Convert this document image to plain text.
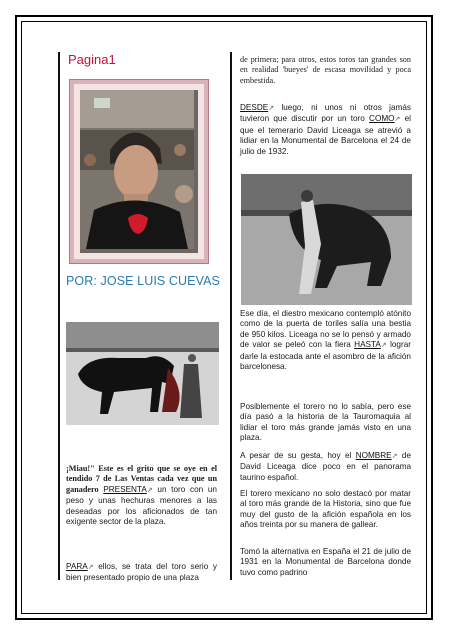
Pagina1
POR: JOSE LUIS CUEVAS
¡Miau!" Este es el grito que se oye en el tendido 7 de Las Ventas cada vez que un ganadero PRESENTA↗ un toro con un peso y unas hechuras menores a las deseadas por los aficionados de tan exigente sector de la plaza.
PARA↗ ellos, se trata del toro serio y bien presentado propio de una plaza
de primera; para otros, estos toros tan grandes son en realidad 'bueyes' de escasa movilidad y poca embestida.
DESDE↗ luego, ni unos ni otros jamás tuvieron que discutir por un toro COMO↗ el que el temerario David Liceaga se atrevió a lidiar en la Monumental de Barcelona el 24 de julio de 1932.
Ese día, el diestro mexicano contempló atónito como de la puerta de toriles salía una bestia de 950 kilos. Liceaga no se lo pensó y armado de valor se peleó con la fiera HASTA↗ lograr darle la estocada ante el asombro de la afición barcelonesa.
Posiblemente el torero no lo sabía, pero ese día pasó a la historia de la Tauromaquia al lidiar el toro más grande jamás visto en una plaza.
A pesar de su gesta, hoy el NOMBRE↗ de David Liceaga dice poco en el panorama taurino español.
El torero mexicano no solo destacó por matar al toro más grande de la Historia, sino que fue muy del gusto de la afición española en los años treinta por su manera de gallear.
Tomó la alternativa en España el 21 de julio de 1931 en la Monumental de Barcelona donde tuvo como padrino
